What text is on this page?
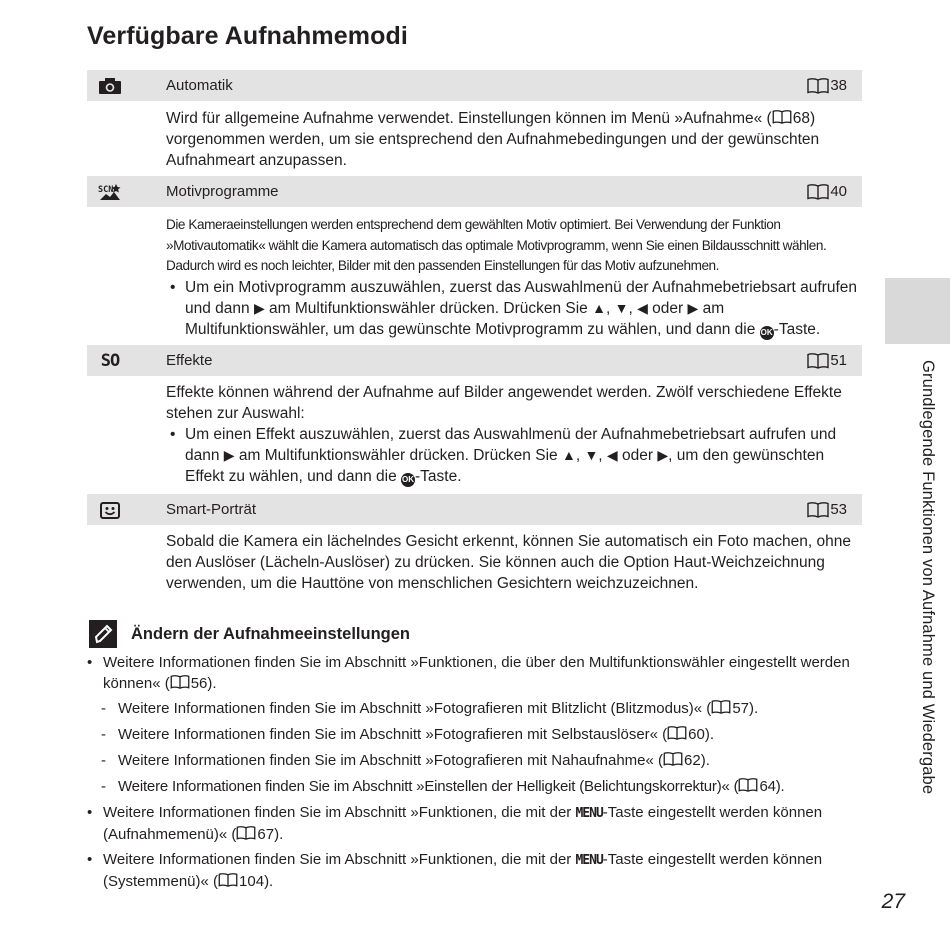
Verfügbare Aufnahmemodi
Automatik	38
Wird für allgemeine Aufnahme verwendet. Einstellungen können im Menü »Aufnahme« ( 68) vorgenommen werden, um sie entsprechend den Aufnahmebedingungen und der gewünschten Aufnahmeart anzupassen.
SCN	Motivprogramme	40
Die Kameraeinstellungen werden entsprechend dem gewählten Motiv optimiert. Bei Verwendung der Funktion »Motivautomatik« wählt die Kamera automatisch das optimale Motivprogramm, wenn Sie einen Bildausschnitt wählen. Dadurch wird es noch leichter, Bilder mit den passenden Einstellungen für das Motiv aufzunehmen.
• Um ein Motivprogramm auszuwählen, zuerst das Auswahlmenü der Aufnahmebetriebsart aufrufen und dann ▶ am Multifunktionswähler drücken. Drücken Sie ▲, ▼, ◀ oder ▶ am Multifunktionswähler, um das gewünschte Motivprogramm zu wählen, und dann die OK-Taste.
SO	Effekte	51
Effekte können während der Aufnahme auf Bilder angewendet werden. Zwölf verschiedene Effekte stehen zur Auswahl:
• Um einen Effekt auszuwählen, zuerst das Auswahlmenü der Aufnahmebetriebsart aufrufen und dann ▶ am Multifunktionswähler drücken. Drücken Sie ▲, ▼, ◀ oder ▶, um den gewünschten Effekt zu wählen, und dann die OK-Taste.
Smart-Porträt	53
Sobald die Kamera ein lächelndes Gesicht erkennt, können Sie automatisch ein Foto machen, ohne den Auslöser (Lächeln-Auslöser) zu drücken. Sie können auch die Option Haut-Weichzeichnung verwenden, um die Hauttöne von menschlichen Gesichtern weichzuzeichnen.
Ändern der Aufnahmeeinstellungen
• Weitere Informationen finden Sie im Abschnitt »Funktionen, die über den Multifunktionswähler eingestellt werden können« ( 56).
- Weitere Informationen finden Sie im Abschnitt »Fotografieren mit Blitzlicht (Blitzmodus)« ( 57).
- Weitere Informationen finden Sie im Abschnitt »Fotografieren mit Selbstauslöser« ( 60).
- Weitere Informationen finden Sie im Abschnitt »Fotografieren mit Nahaufnahme« ( 62).
- Weitere Informationen finden Sie im Abschnitt »Einstellen der Helligkeit (Belichtungskorrektur)« ( 64).
• Weitere Informationen finden Sie im Abschnitt »Funktionen, die mit der MENU-Taste eingestellt werden können (Aufnahmemenü)« ( 67).
• Weitere Informationen finden Sie im Abschnitt »Funktionen, die mit der MENU-Taste eingestellt werden können (Systemmenü)« ( 104).
Grundlegende Funktionen von Aufnahme und Wiedergabe
27
